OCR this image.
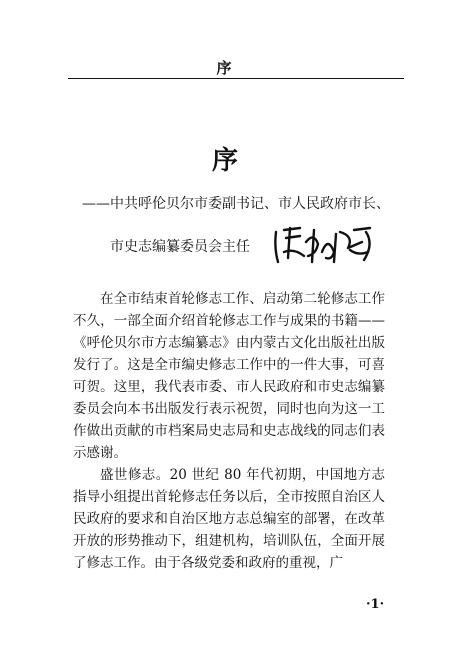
序
序
——中共呼伦贝尔市委副书记、市人民政府市长、
市史志编纂委员会主任

在全市结束首轮修志工作、启动第二轮修志工作不久，一部全面介绍首轮修志工作与成果的书籍——《呼伦贝尔市方志编纂志》由内蒙古文化出版社出版发行了。这是全市编史修志工作中的一件大事，可喜可贺。这里，我代表市委、市人民政府和市史志编纂委员会向本书出版发行表示祝贺，同时也向为这一工作做出贡献的市档案局史志局和史志战线的同志们表示感谢。

盛世修志。20 世纪 80 年代初期，中国地方志指导小组提出首轮修志任务以后，全市按照自治区人民政府的要求和自治区地方志总编室的部署，在改革开放的形势推动下，组建机构，培训队伍，全面开展了修志工作。由于各级党委和政府的重视，广

·1·
